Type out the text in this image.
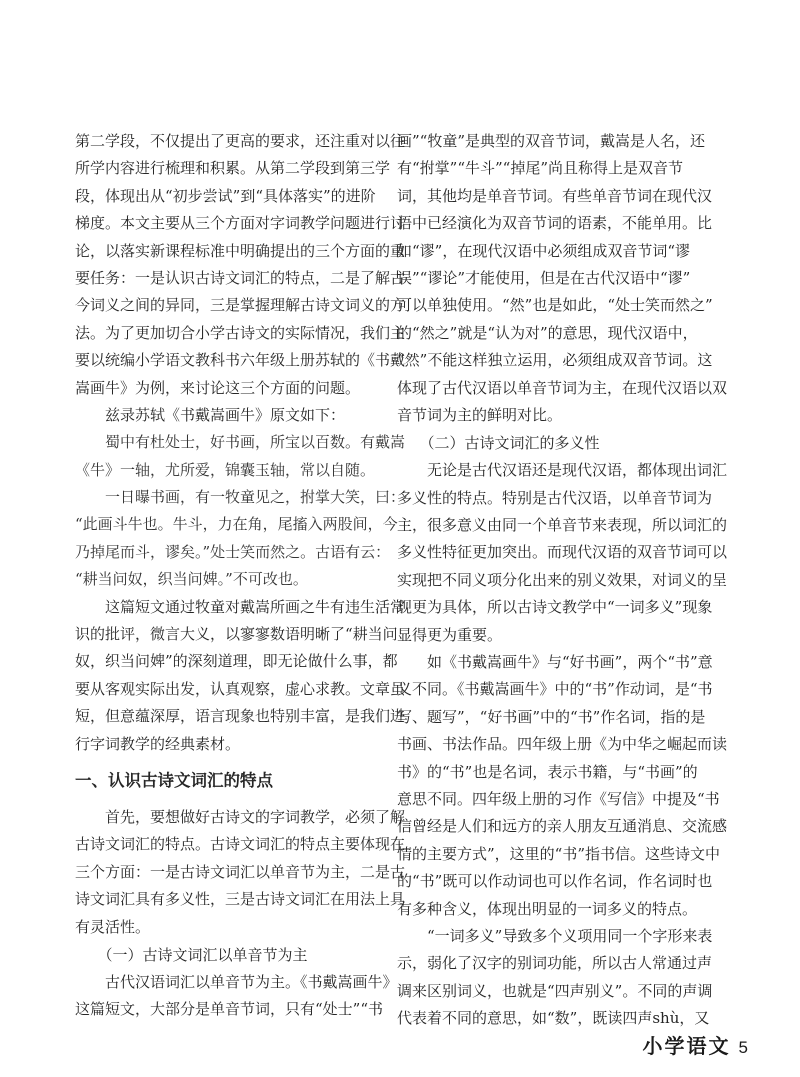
第二学段，不仅提出了更高的要求，还注重对以往
所学内容进行梳理和积累。从第二学段到第三学
段，体现出从“初步尝试”到“具体落实”的进阶
梯度。本文主要从三个方面对字词教学问题进行讨
论，以落实新课程标准中明确提出的三个方面的重
要任务：一是认识古诗文词汇的特点，二是了解古
今词义之间的异同，三是掌握理解古诗文词义的方
法。为了更加切合小学古诗文的实际情况，我们主
要以统编小学语文教科书六年级上册苏轼的《书戴
嵩画牛》为例，来讨论这三个方面的问题。
　　兹录苏轼《书戴嵩画牛》原文如下：
　　蜀中有杜处士，好书画，所宝以百数。有戴嵩
《牛》一轴，尤所爱，锦囊玉轴，常以自随。
　　一日曝书画，有一牧童见之，拊掌大笑，曰：
“此画斗牛也。牛斗，力在角，尾搐入两股间，今
乃掉尾而斗，谬矣。”处士笑而然之。古语有云：
“耕当问奴，织当问婢。”不可改也。
　　这篇短文通过牧童对戴嵩所画之牛有违生活常
识的批评，微言大义，以寥寥数语明晰了“耕当问
奴，织当问婢”的深刻道理，即无论做什么事，都
要从客观实际出发，认真观察，虚心求教。文章虽
短，但意蕴深厚，语言现象也特别丰富，是我们进
行字词教学的经典素材。
一、认识古诗文词汇的特点
　　首先，要想做好古诗文的字词教学，必须了解
古诗文词汇的特点。古诗文词汇的特点主要体现在
三个方面：一是古诗文词汇以单音节为主，二是古
诗文词汇具有多义性，三是古诗文词汇在用法上具
有灵活性。
　　（一）古诗文词汇以单音节为主
　　古代汉语词汇以单音节为主。《书戴嵩画牛》
这篇短文，大部分是单音节词，只有“处士”“书
画”“牧童”是典型的双音节词，戴嵩是人名，还
有“拊掌”“牛斗”“掉尾”尚且称得上是双音节
词，其他均是单音节词。有些单音节词在现代汉
语中已经演化为双音节词的语素，不能单用。比
如“谬”，在现代汉语中必须组成双音节词“谬
误”“谬论”才能使用，但是在古代汉语中“谬”
可以单独使用。“然”也是如此，“处士笑而然之”
的“然之”就是“认为对”的意思，现代汉语中，
“然”不能这样独立运用，必须组成双音节词。这
体现了古代汉语以单音节词为主，在现代汉语以双
音节词为主的鲜明对比。
　　（二）古诗文词汇的多义性
　　无论是古代汉语还是现代汉语，都体现出词汇
多义性的特点。特别是古代汉语，以单音节词为
主，很多意义由同一个单音节来表现，所以词汇的
多义性特征更加突出。而现代汉语的双音节词可以
实现把不同义项分化出来的别义效果，对词义的呈
现更为具体，所以古诗文教学中“一词多义”现象
显得更为重要。
　　如《书戴嵩画牛》与“好书画”，两个“书”意
义不同。《书戴嵩画牛》中的“书”作动词，是“书
写、题写”，“好书画”中的“书”作名词，指的是
书画、书法作品。四年级上册《为中华之崛起而读
书》的“书”也是名词，表示书籍，与“书画”的
意思不同。四年级上册的习作《写信》中提及“书
信曾经是人们和远方的亲人朋友互通消息、交流感
情的主要方式”，这里的“书”指书信。这些诗文中
的“书”既可以作动词也可以作名词，作名词时也
有多种含义，体现出明显的一词多义的特点。
　　“一词多义”导致多个义项用同一个字形来表
示，弱化了汉字的别词功能，所以古人常通过声
调来区别词义，也就是“四声别义”。不同的声调
代表着不同的意思，如“数”，既读四声shù，又
小学语文 5
